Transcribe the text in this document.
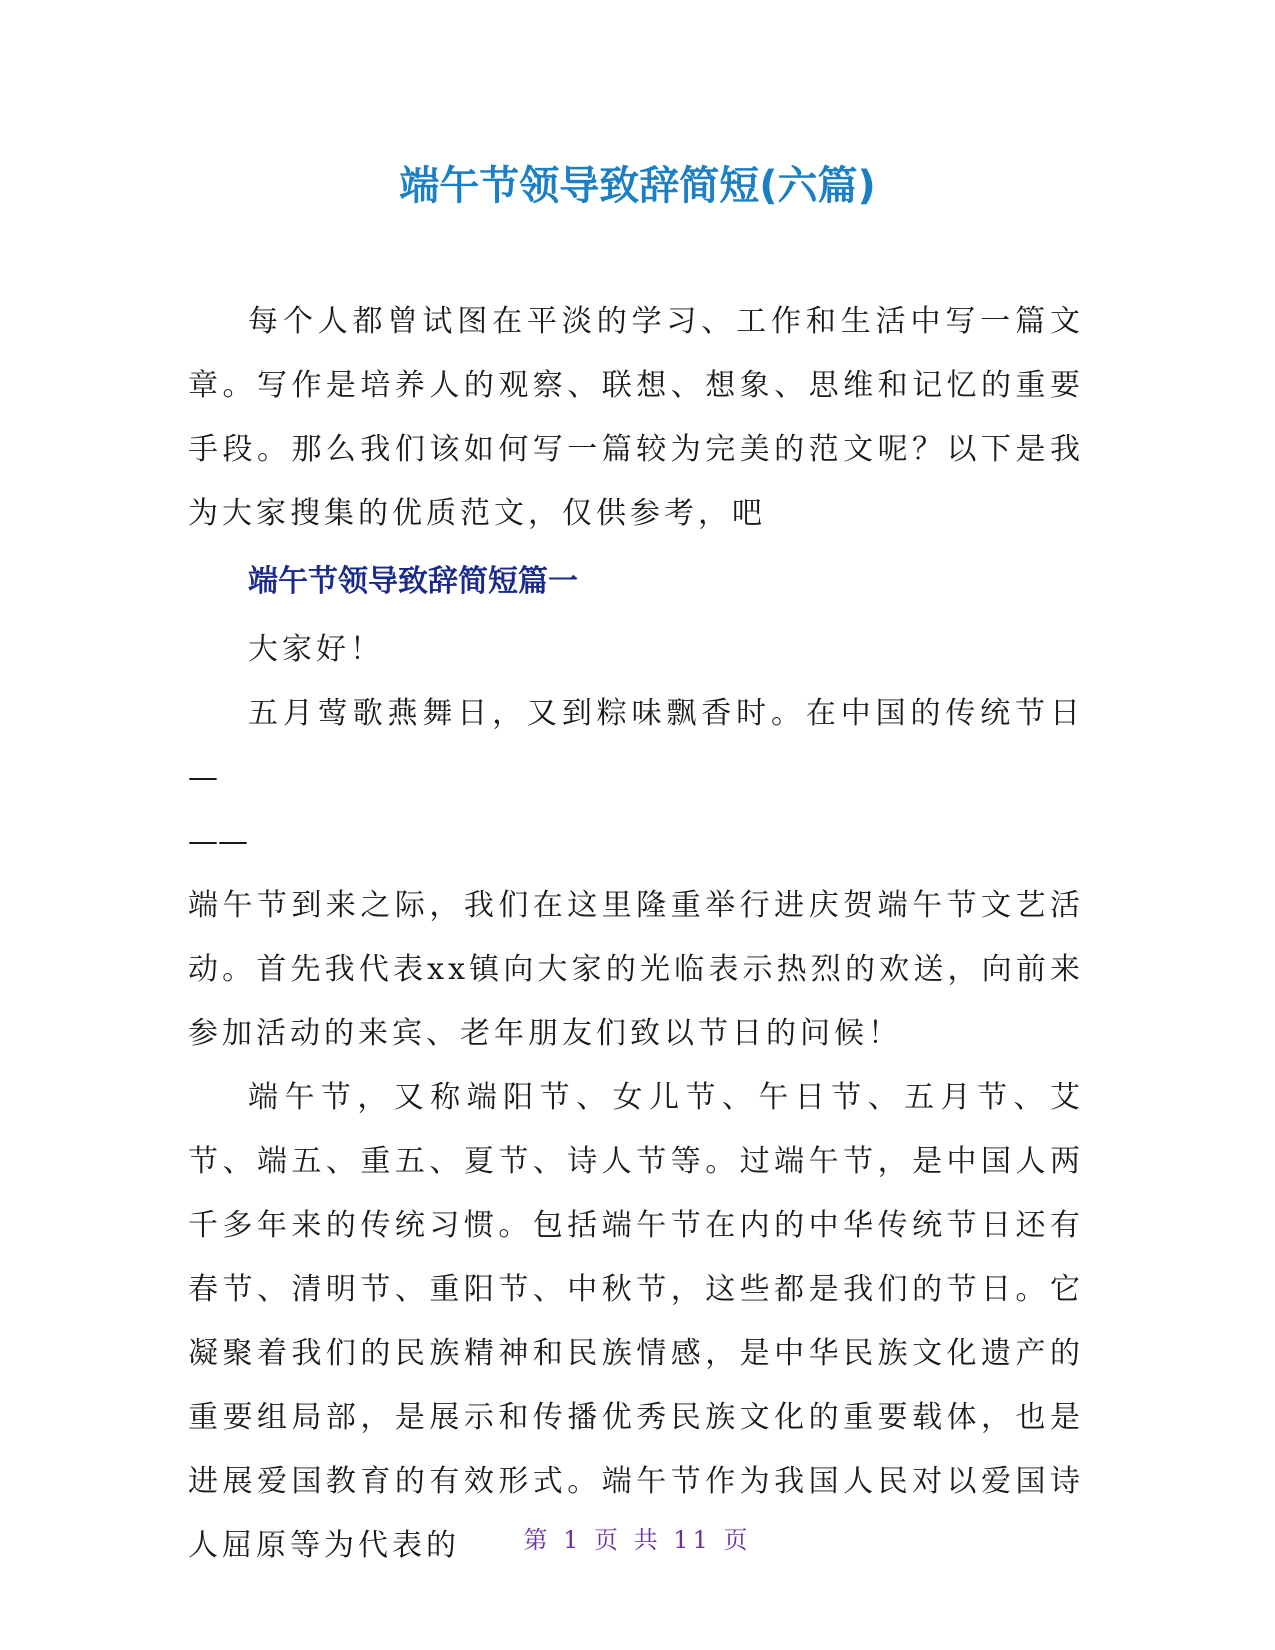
端午节领导致辞简短(六篇)

每个人都曾试图在平淡的学习、工作和生活中写一篇文章。写作是培养人的观察、联想、想象、思维和记忆的重要手段。那么我们该如何写一篇较为完美的范文呢？以下是我为大家搜集的优质范文，仅供参考，吧

端午节领导致辞简短篇一

大家好！

五月莺歌燕舞日，又到粽味飘香时。在中国的传统节日—

——

端午节到来之际，我们在这里隆重举行进庆贺端午节文艺活动。首先我代表xx镇向大家的光临表示热烈的欢送，向前来参加活动的来宾、老年朋友们致以节日的问候！

端午节，又称端阳节、女儿节、午日节、五月节、艾节、端五、重五、夏节、诗人节等。过端午节，是中国人两千多年来的传统习惯。包括端午节在内的中华传统节日还有春节、清明节、重阳节、中秋节，这些都是我们的节日。它凝聚着我们的民族精神和民族情感，是中华民族文化遗产的重要组局部，是展示和传播优秀民族文化的重要载体，也是进展爱国教育的有效形式。端午节作为我国人民对以爱国诗人屈原等为代表的	第 1 页 共 11 页
